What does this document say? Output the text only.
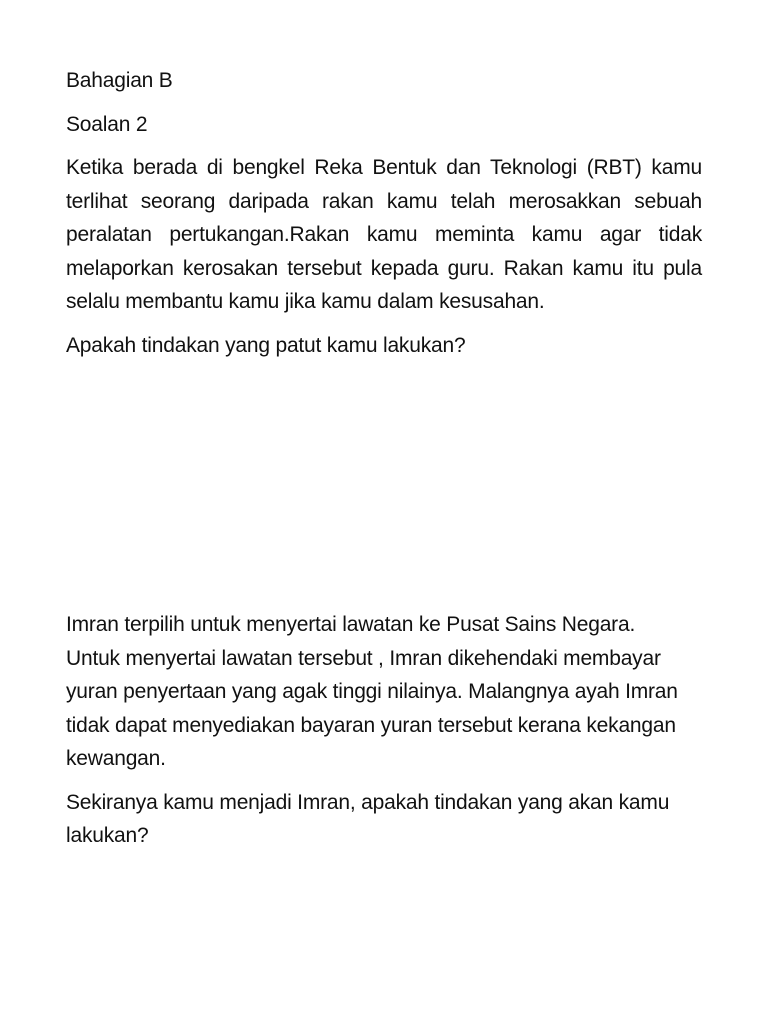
Bahagian B

Soalan 2

Ketika berada di bengkel Reka Bentuk dan Teknologi (RBT) kamu terlihat seorang daripada rakan kamu telah merosakkan sebuah peralatan pertukangan.Rakan kamu meminta kamu agar tidak melaporkan kerosakan tersebut kepada guru. Rakan kamu itu pula selalu membantu kamu jika kamu dalam kesusahan.

Apakah tindakan yang patut kamu lakukan?

Imran terpilih untuk menyertai lawatan ke Pusat Sains Negara. Untuk menyertai lawatan tersebut , Imran dikehendaki membayar yuran penyertaan yang agak tinggi nilainya. Malangnya ayah Imran tidak dapat menyediakan bayaran yuran tersebut kerana kekangan kewangan.

Sekiranya kamu menjadi Imran, apakah tindakan yang akan kamu lakukan?
